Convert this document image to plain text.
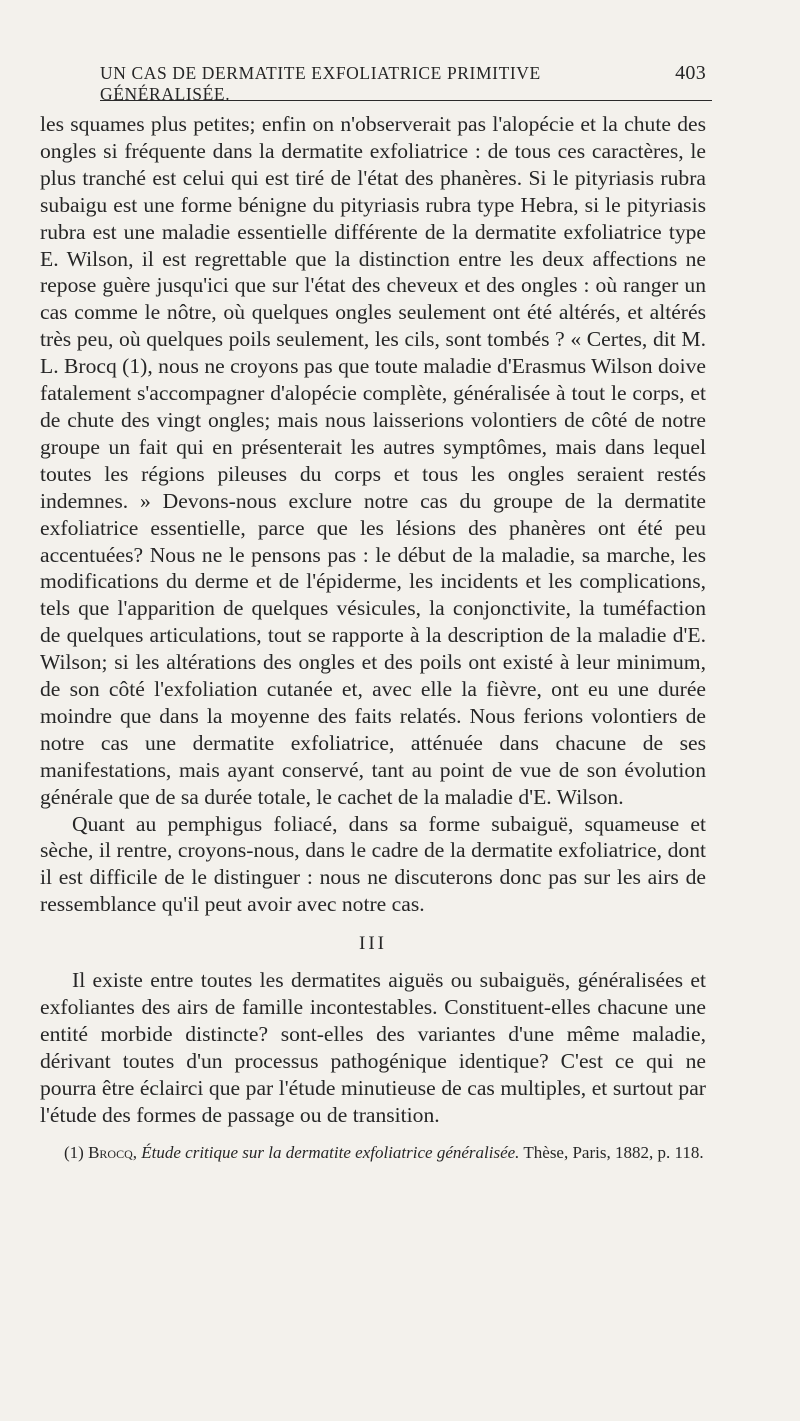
UN CAS DE DERMATITE EXFOLIATRICE PRIMITIVE GÉNÉRALISÉE.
403

les squames plus petites; enfin on n'observerait pas l'alopécie et la chute des ongles si fréquente dans la dermatite exfoliatrice : de tous ces caractères, le plus tranché est celui qui est tiré de l'état des phanères. Si le pityriasis rubra subaigu est une forme bénigne du pityriasis rubra type Hebra, si le pityriasis rubra est une maladie essentielle différente de la dermatite exfoliatrice type E. Wilson, il est regrettable que la distinction entre les deux affections ne repose guère jusqu'ici que sur l'état des cheveux et des ongles : où ranger un cas comme le nôtre, où quelques ongles seulement ont été altérés, et altérés très peu, où quelques poils seulement, les cils, sont tombés ? « Certes, dit M. L. Brocq (1), nous ne croyons pas que toute maladie d'Erasmus Wilson doive fatalement s'accompagner d'alopécie complète, généralisée à tout le corps, et de chute des vingt ongles; mais nous laisserions volontiers de côté de notre groupe un fait qui en présenterait les autres symptômes, mais dans lequel toutes les régions pileuses du corps et tous les ongles seraient restés indemnes. » Devons-nous exclure notre cas du groupe de la dermatite exfoliatrice essentielle, parce que les lésions des phanères ont été peu accentuées? Nous ne le pensons pas : le début de la maladie, sa marche, les modifications du derme et de l'épiderme, les incidents et les complications, tels que l'apparition de quelques vésicules, la conjonctivite, la tuméfaction de quelques articulations, tout se rapporte à la description de la maladie d'E. Wilson; si les altérations des ongles et des poils ont existé à leur minimum, de son côté l'exfoliation cutanée et, avec elle la fièvre, ont eu une durée moindre que dans la moyenne des faits relatés. Nous ferions volontiers de notre cas une dermatite exfoliatrice, atténuée dans chacune de ses manifestations, mais ayant conservé, tant au point de vue de son évolution générale que de sa durée totale, le cachet de la maladie d'E. Wilson.

Quant au pemphigus foliacé, dans sa forme subaiguë, squameuse et sèche, il rentre, croyons-nous, dans le cadre de la dermatite exfoliatrice, dont il est difficile de le distinguer : nous ne discuterons donc pas sur les airs de ressemblance qu'il peut avoir avec notre cas.

III

Il existe entre toutes les dermatites aiguës ou subaiguës, généralisées et exfoliantes des airs de famille incontestables. Constituent-elles chacune une entité morbide distincte? sont-elles des variantes d'une même maladie, dérivant toutes d'un processus pathogénique identique? C'est ce qui ne pourra être éclairci que par l'étude minutieuse de cas multiples, et surtout par l'étude des formes de passage ou de transition.

(1) Brocq, Étude critique sur la dermatite exfoliatrice généralisée. Thèse, Paris, 1882, p. 118.
